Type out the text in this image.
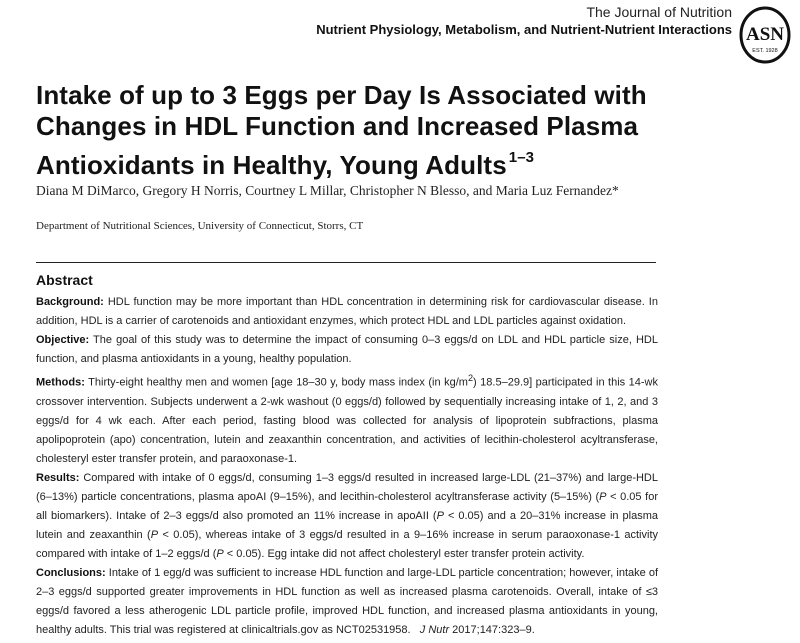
The Journal of Nutrition
Nutrient Physiology, Metabolism, and Nutrient-Nutrient Interactions ASN
EST. 1928
Intake of up to 3 Eggs per Day Is Associated with Changes in HDL Function and Increased Plasma Antioxidants in Healthy, Young Adults $^{1-3}$
Diana M DiMarco, Gregory H Norris, Courtney L Millar, Christopher N Blesso, and Maria Luz Fernandez*
Department of Nutritional Sciences, University of Connecticut, Storrs, CT
Abstract

Background: HDL function may be more important than HDL concentration in determining risk for cardiovascular disease. In addition, HDL is a carrier of carotenoids and antioxidant enzymes, which protect HDL and LDL particles against oxidation.

Objective: The goal of this study was to determine the impact of consuming 0–3 eggs/d on LDL and HDL particle size, HDL function, and plasma antioxidants in a young, healthy population.

Methods: Thirty-eight healthy men and women [age 18–30 y, body mass index (in $kg/m^2$) 18.5–29.9] participated in this 14-wk crossover intervention. Subjects underwent a 2-wk washout (0 eggs/d) followed by sequentially increasing intake of 1, 2, and 3 eggs/d for 4 wk each. After each period, fasting blood was collected for analysis of lipoprotein subfractions, plasma apolipoprotein (apo) concentration, lutein and zeaxanthin concentration, and activities of lecithin-cholesterol acyltransferase, cholesteryl ester transfer protein, and paraoxonase-1.

Results: Compared with intake of 0 eggs/d, consuming 1–3 eggs/d resulted in increased large-LDL (21–37%) and large-HDL (6–13%) particle concentrations, plasma apoAI (9–15%), and lecithin-cholesterol acyltransferase activity (5–15%) (P < 0.05 for all biomarkers). Intake of 2–3 eggs/d also promoted an 11% increase in apoAII (P < 0.05) and a 20–31% increase in plasma lutein and zeaxanthin (P < 0.05), whereas intake of 3 eggs/d resulted in a 9–16% increase in serum paraoxonase-1 activity compared with intake of 1–2 eggs/d (P < 0.05). Egg intake did not affect cholesteryl ester transfer protein activity.

Conclusions: Intake of 1 egg/d was sufficient to increase HDL function and large-LDL particle concentration; however, intake of 2–3 eggs/d supported greater improvements in HDL function as well as increased plasma carotenoids. Overall, intake of ≤3 eggs/d favored a less atherogenic LDL particle profile, improved HDL function, and increased plasma antioxidants in young, healthy adults. This trial was registered at clinicaltrials.gov as NCT02531958. J Nutr 2017;147:323–9.
